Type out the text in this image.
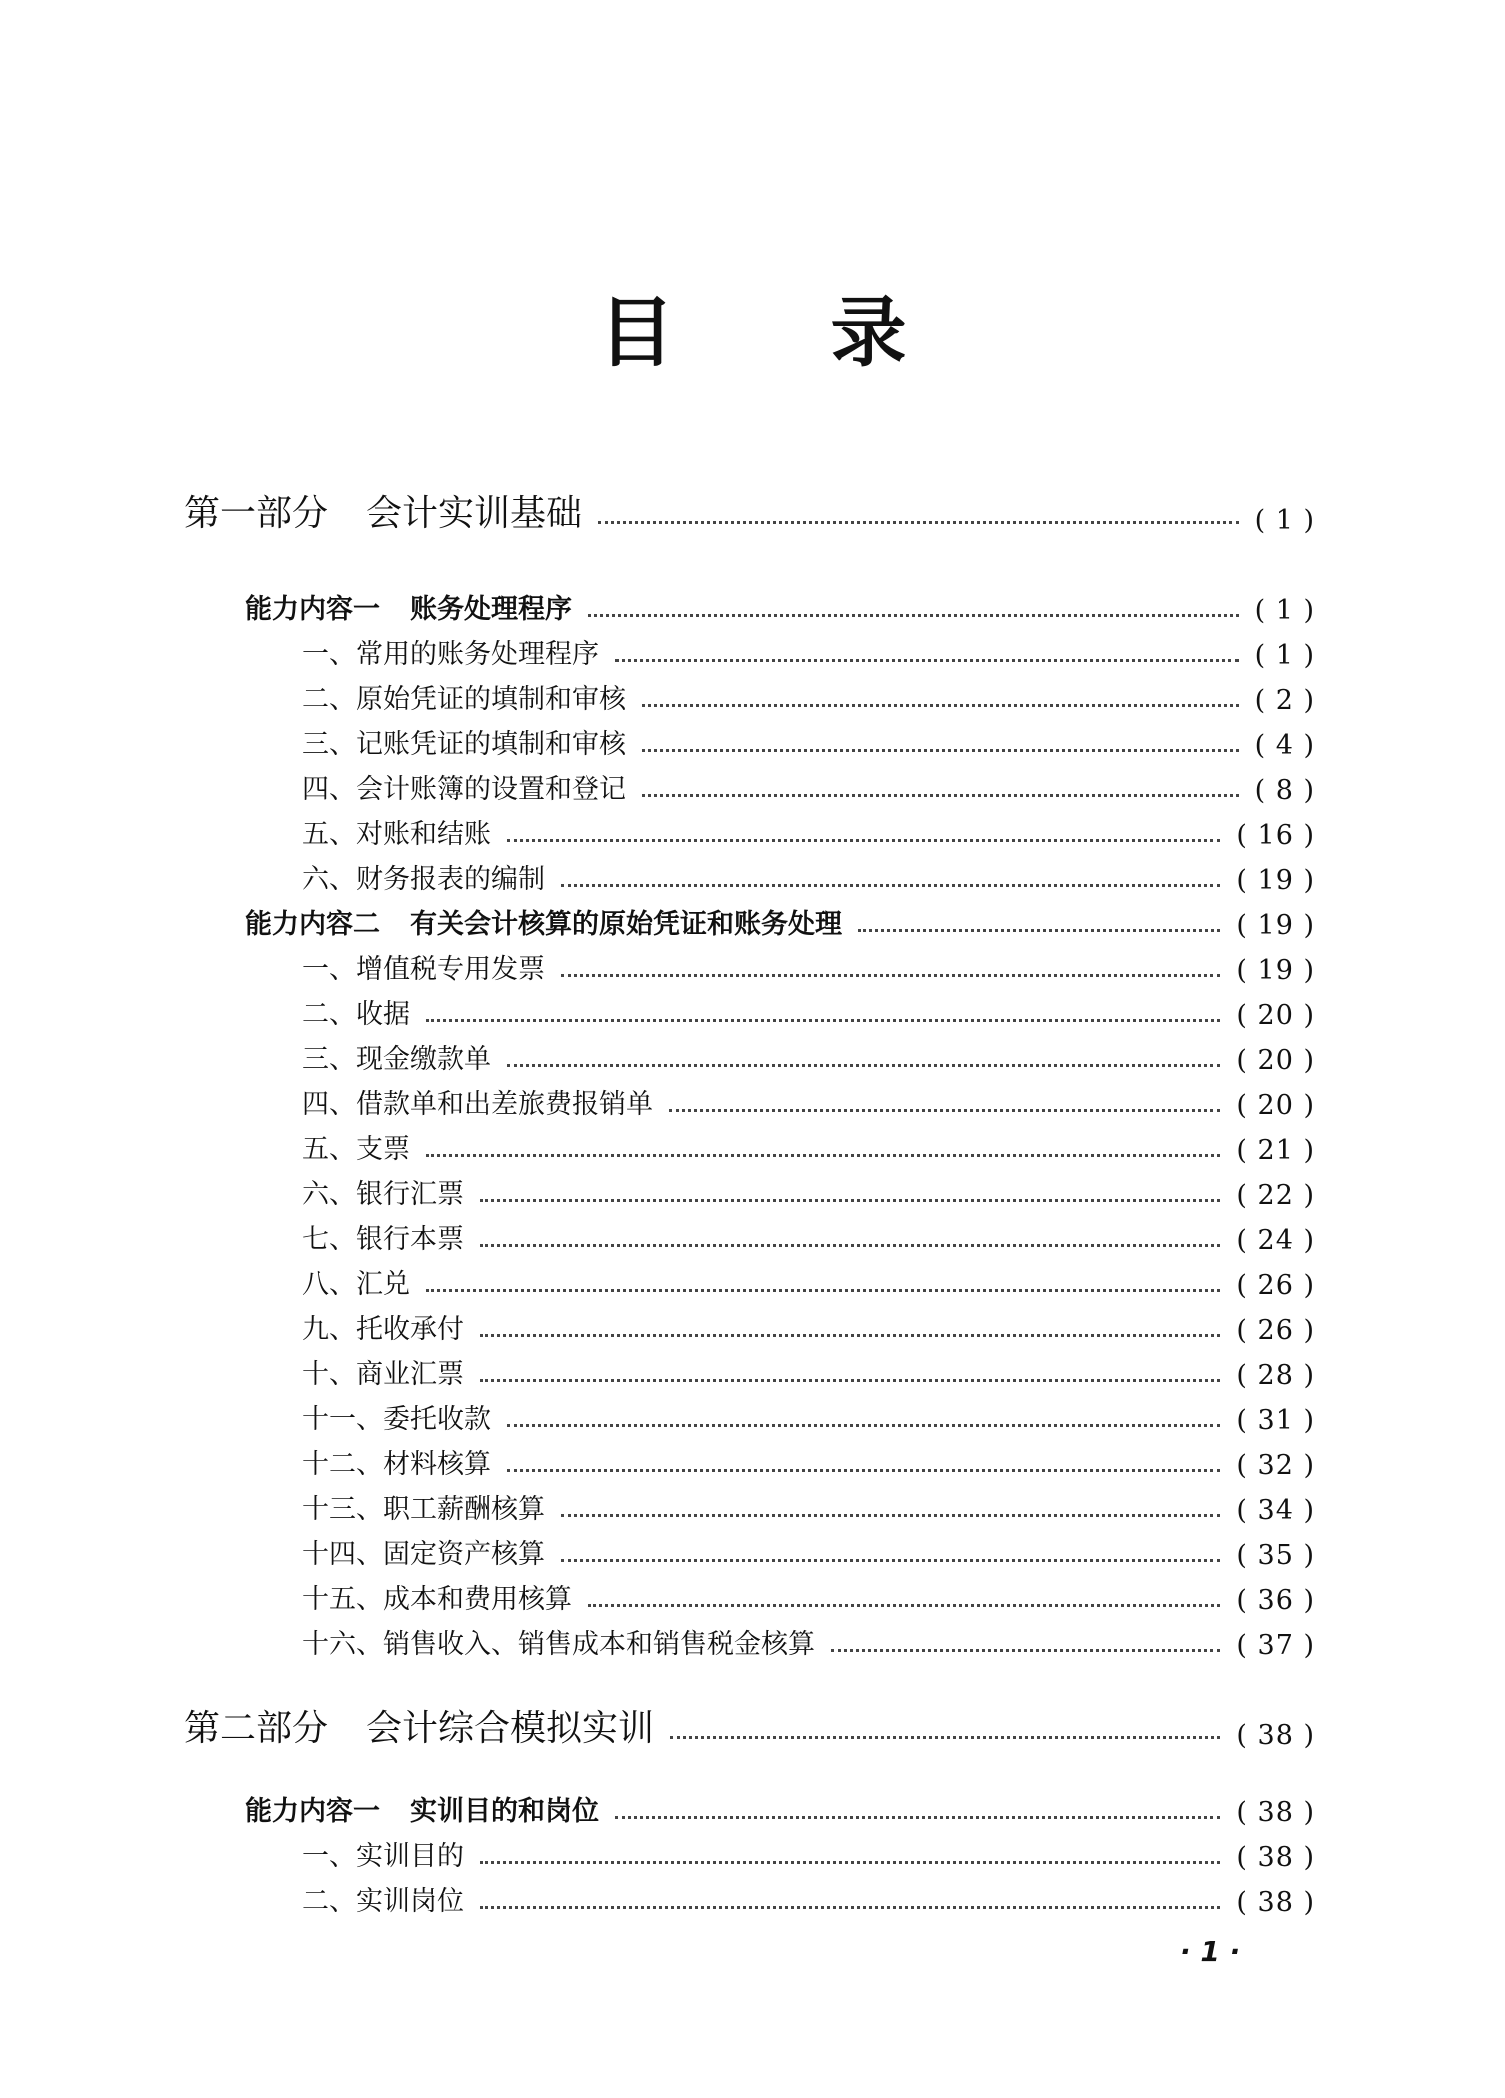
目 录
第一部分 会计实训基础	( 1 )
能力内容一 账务处理程序	( 1 )
一、常用的账务处理程序	( 1 )
二、原始凭证的填制和审核	( 2 )
三、记账凭证的填制和审核	( 4 )
四、会计账簿的设置和登记	( 8 )
五、对账和结账	( 16 )
六、财务报表的编制	( 19 )
能力内容二 有关会计核算的原始凭证和账务处理	( 19 )
一、增值税专用发票	( 19 )
二、收据	( 20 )
三、现金缴款单	( 20 )
四、借款单和出差旅费报销单	( 20 )
五、支票	( 21 )
六、银行汇票	( 22 )
七、银行本票	( 24 )
八、汇兑	( 26 )
九、托收承付	( 26 )
十、商业汇票	( 28 )
十一、委托收款	( 31 )
十二、材料核算	( 32 )
十三、职工薪酬核算	( 34 )
十四、固定资产核算	( 35 )
十五、成本和费用核算	( 36 )
十六、销售收入、销售成本和销售税金核算	( 37 )
第二部分 会计综合模拟实训	( 38 )
能力内容一 实训目的和岗位	( 38 )
一、实训目的	( 38 )
二、实训岗位	( 38 )
· 1 ·
